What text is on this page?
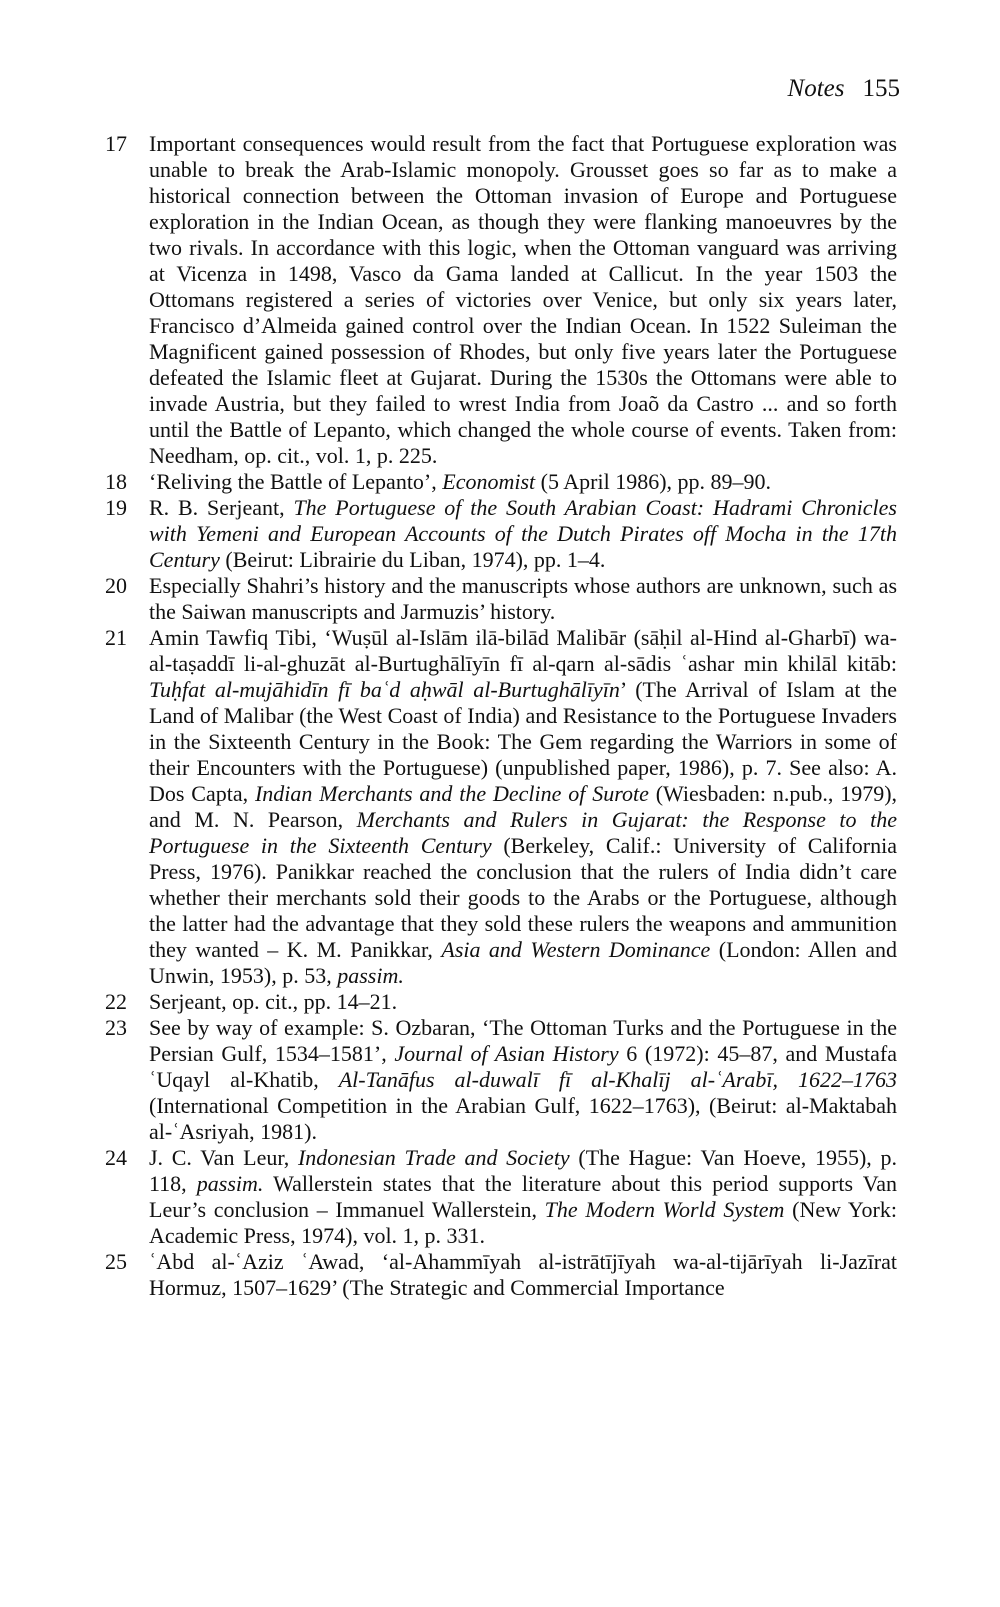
Notes 155
17	Important consequences would result from the fact that Portuguese exploration was unable to break the Arab-Islamic monopoly. Grousset goes so far as to make a historical connection between the Ottoman invasion of Europe and Portuguese exploration in the Indian Ocean, as though they were flanking manoeuvres by the two rivals. In accordance with this logic, when the Ottoman vanguard was arriving at Vicenza in 1498, Vasco da Gama landed at Callicut. In the year 1503 the Ottomans registered a series of victories over Venice, but only six years later, Francisco d’Almeida gained control over the Indian Ocean. In 1522 Suleiman the Magnificent gained possession of Rhodes, but only five years later the Portuguese defeated the Islamic fleet at Gujarat. During the 1530s the Ottomans were able to invade Austria, but they failed to wrest India from Joaõ da Castro ... and so forth until the Battle of Lepanto, which changed the whole course of events. Taken from: Needham, op. cit., vol. 1, p. 225.
18	‘Reliving the Battle of Lepanto’, Economist (5 April 1986), pp. 89–90.
19	R. B. Serjeant, The Portuguese of the South Arabian Coast: Hadrami Chronicles with Yemeni and European Accounts of the Dutch Pirates off Mocha in the 17th Century (Beirut: Librairie du Liban, 1974), pp. 1–4.
20	Especially Shahri’s history and the manuscripts whose authors are unknown, such as the Saiwan manuscripts and Jarmuzis’ history.
21	Amin Tawfiq Tibi, ‘Wuṣūl al-Islām ilā-bilād Malibār (sāḥil al-Hind al-Gharbī) wa-al-taṣaddī li-al-ghuzāt al-Burtughālīyīn fī al-qarn al-sādis ʿashar min khilāl kitāb: Tuḥfat al-mujāhidīn fī baʿd aḥwāl al-Burtughālīyīn’ (The Arrival of Islam at the Land of Malibar (the West Coast of India) and Resistance to the Portuguese Invaders in the Sixteenth Century in the Book: The Gem regarding the Warriors in some of their Encounters with the Portuguese) (unpublished paper, 1986), p. 7. See also: A. Dos Capta, Indian Merchants and the Decline of Surote (Wiesbaden: n.pub., 1979), and M. N. Pearson, Merchants and Rulers in Gujarat: the Response to the Portuguese in the Sixteenth Century (Berkeley, Calif.: University of California Press, 1976). Panikkar reached the conclusion that the rulers of India didn’t care whether their merchants sold their goods to the Arabs or the Portuguese, although the latter had the advantage that they sold these rulers the weapons and ammunition they wanted – K. M. Panikkar, Asia and Western Dominance (London: Allen and Unwin, 1953), p. 53, passim.
22	Serjeant, op. cit., pp. 14–21.
23	See by way of example: S. Ozbaran, ‘The Ottoman Turks and the Portuguese in the Persian Gulf, 1534–1581’, Journal of Asian History 6 (1972): 45–87, and Mustafa ʿUqayl al-Khatib, Al-Tanāfus al-duwalī fī al-Khalīj al-ʿArabī, 1622–1763 (International Competition in the Arabian Gulf, 1622–1763), (Beirut: al-Maktabah al-ʿAsriyah, 1981).
24	J. C. Van Leur, Indonesian Trade and Society (The Hague: Van Hoeve, 1955), p. 118, passim. Wallerstein states that the literature about this period supports Van Leur’s conclusion – Immanuel Wallerstein, The Modern World System (New York: Academic Press, 1974), vol. 1, p. 331.
25	ʿAbd al-ʿAziz ʿAwad, ‘al-Ahammīyah al-istrātījīyah wa-al-tijārīyah li-Jazīrat Hormuz, 1507–1629’ (The Strategic and Commercial Importance
